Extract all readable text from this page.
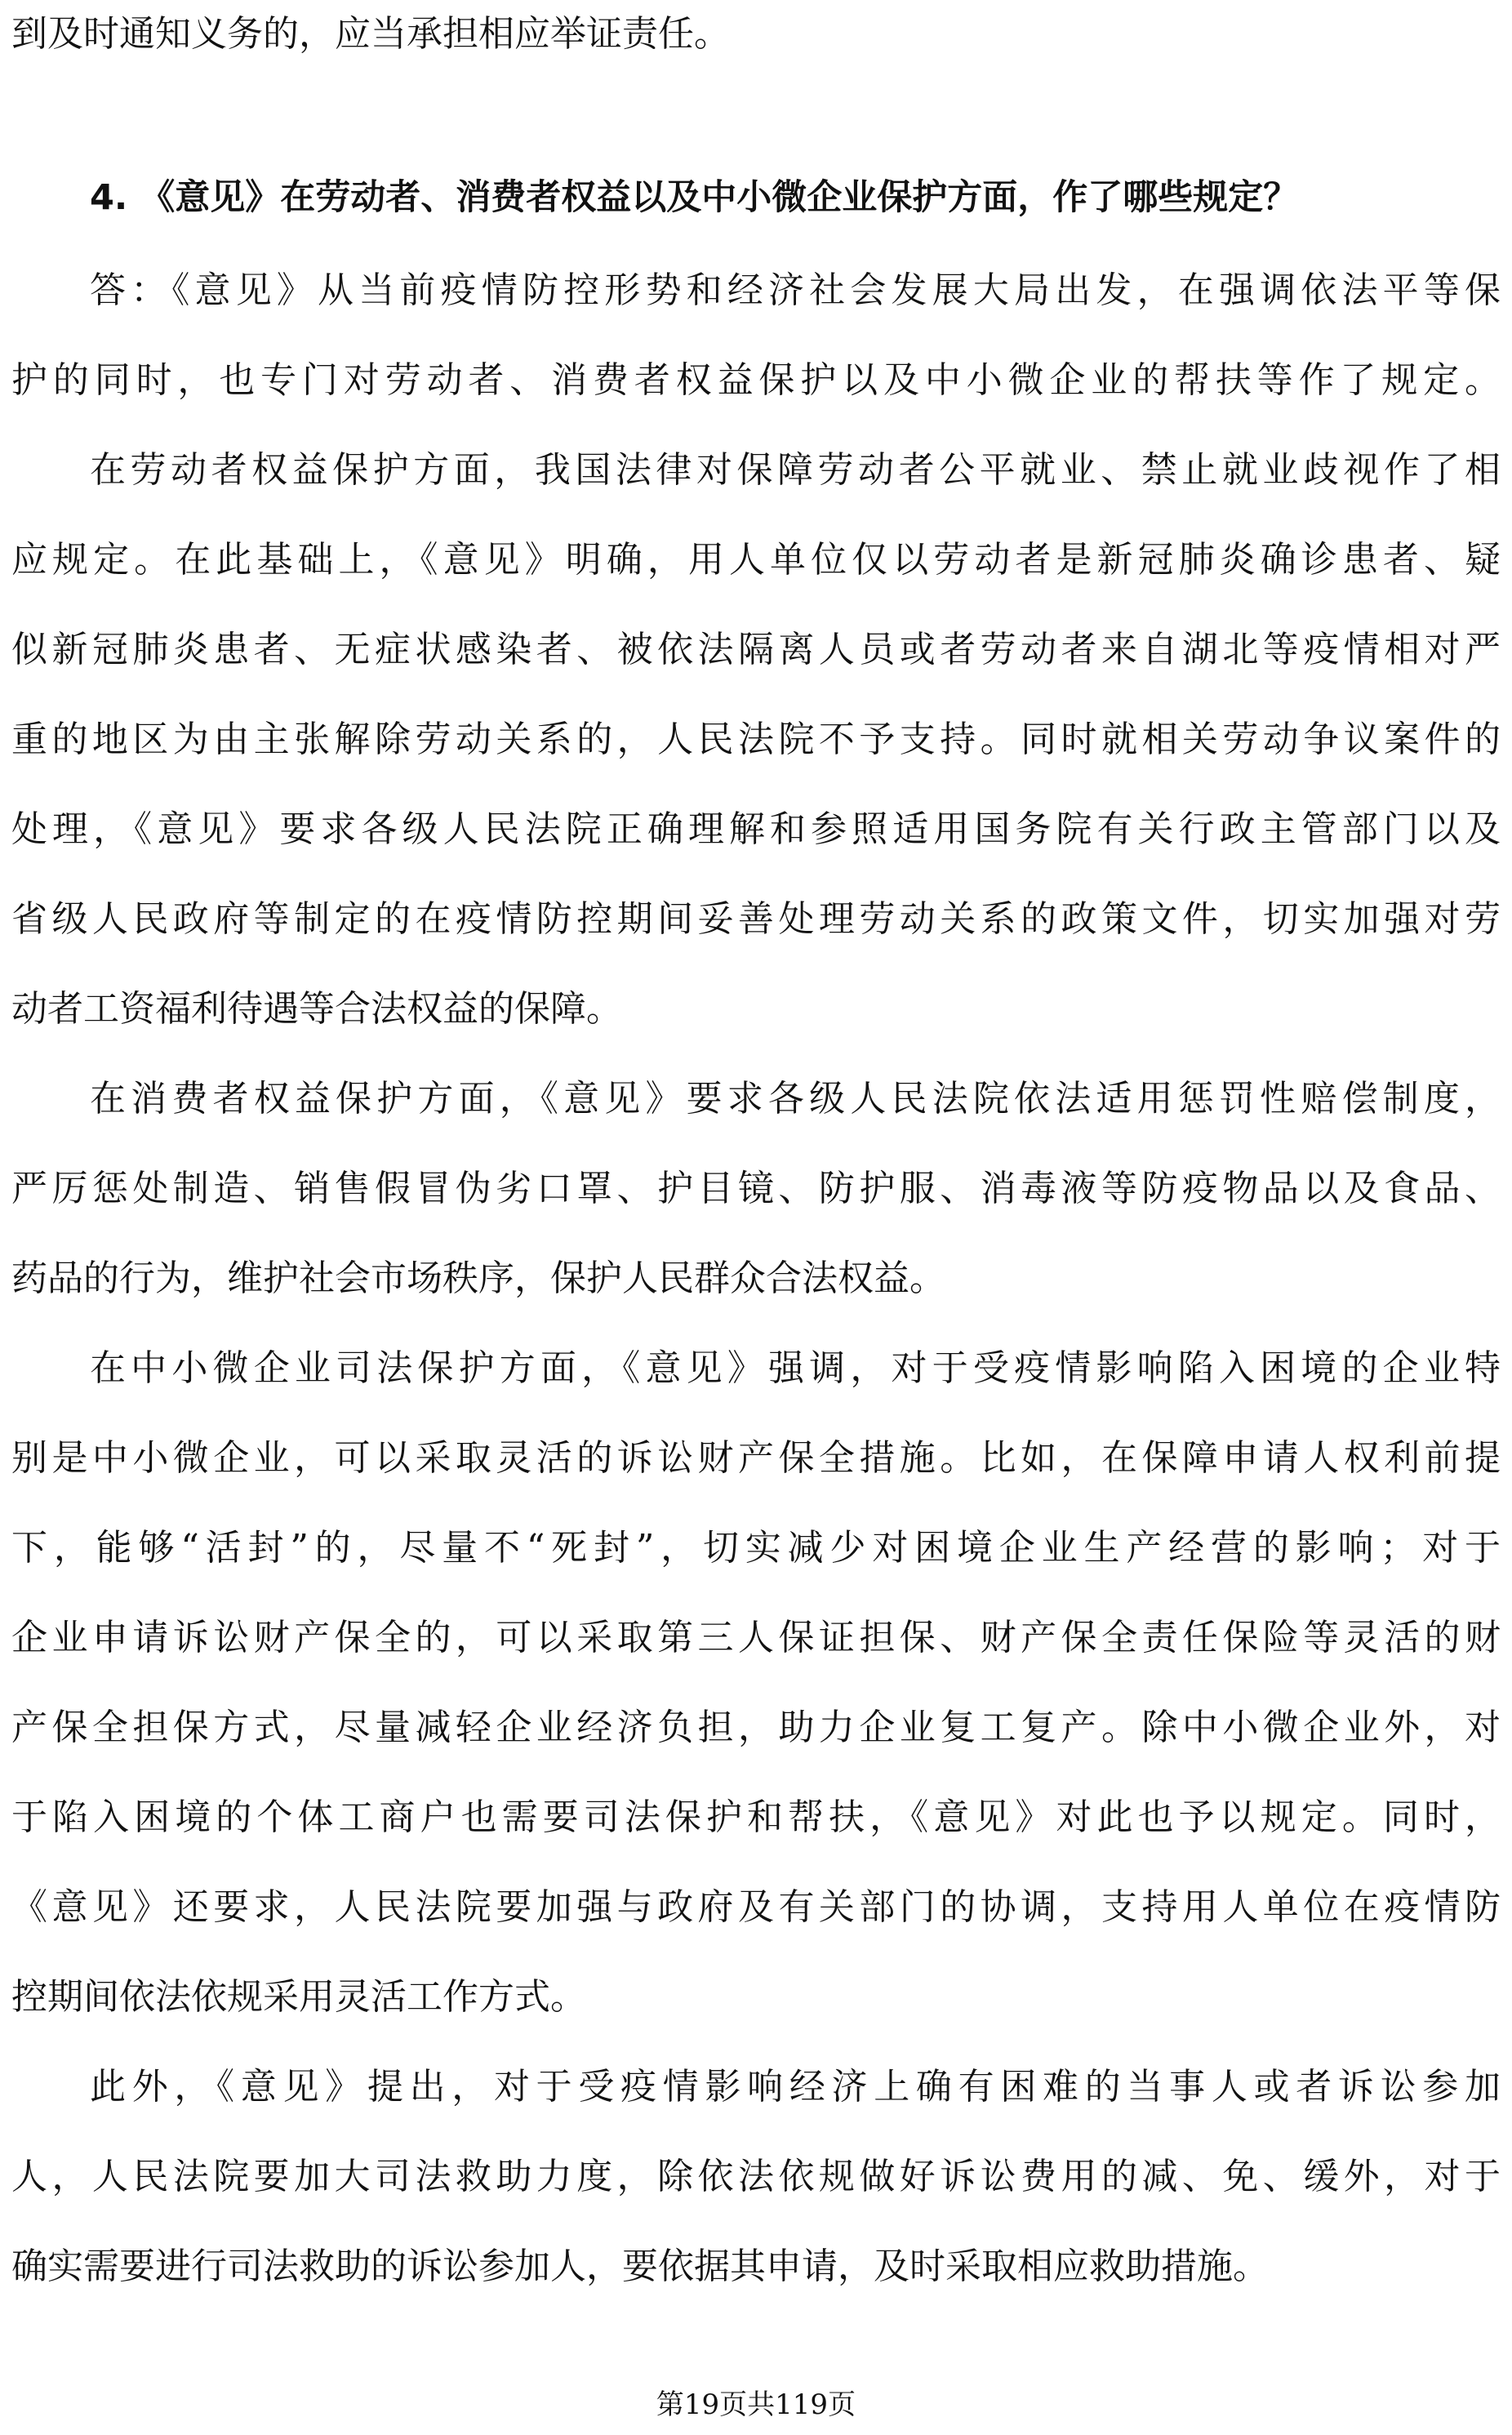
到及时通知义务的，应当承担相应举证责任。
4. 《意见》在劳动者、消费者权益以及中小微企业保护方面，作了哪些规定？
答：《意见》从当前疫情防控形势和经济社会发展大局出发，在强调依法平等保
护的同时，也专门对劳动者、消费者权益保护以及中小微企业的帮扶等作了规定。
在劳动者权益保护方面，我国法律对保障劳动者公平就业、禁止就业歧视作了相
应规定。在此基础上，《意见》明确，用人单位仅以劳动者是新冠肺炎确诊患者、疑
似新冠肺炎患者、无症状感染者、被依法隔离人员或者劳动者来自湖北等疫情相对严
重的地区为由主张解除劳动关系的，人民法院不予支持。同时就相关劳动争议案件的
处理，《意见》要求各级人民法院正确理解和参照适用国务院有关行政主管部门以及
省级人民政府等制定的在疫情防控期间妥善处理劳动关系的政策文件，切实加强对劳
动者工资福利待遇等合法权益的保障。
在消费者权益保护方面，《意见》要求各级人民法院依法适用惩罚性赔偿制度，
严厉惩处制造、销售假冒伪劣口罩、护目镜、防护服、消毒液等防疫物品以及食品、
药品的行为，维护社会市场秩序，保护人民群众合法权益。
在中小微企业司法保护方面，《意见》强调，对于受疫情影响陷入困境的企业特
别是中小微企业，可以采取灵活的诉讼财产保全措施。比如，在保障申请人权利前提
下，能够“活封”的，尽量不“死封”，切实减少对困境企业生产经营的影响；对于
企业申请诉讼财产保全的，可以采取第三人保证担保、财产保全责任保险等灵活的财
产保全担保方式，尽量减轻企业经济负担，助力企业复工复产。除中小微企业外，对
于陷入困境的个体工商户也需要司法保护和帮扶，《意见》对此也予以规定。同时，
《意见》还要求，人民法院要加强与政府及有关部门的协调，支持用人单位在疫情防
控期间依法依规采用灵活工作方式。
此外，《意见》提出，对于受疫情影响经济上确有困难的当事人或者诉讼参加
人，人民法院要加大司法救助力度，除依法依规做好诉讼费用的减、免、缓外，对于
确实需要进行司法救助的诉讼参加人，要依据其申请，及时采取相应救助措施。
第19页共119页
